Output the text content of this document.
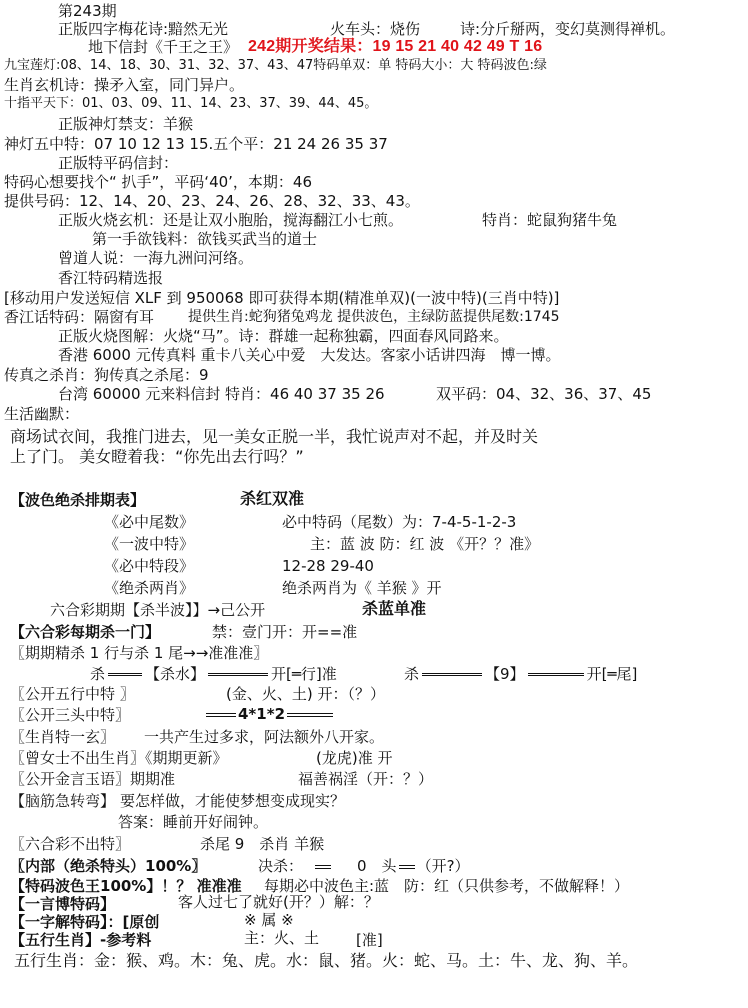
第243期
正版四字梅花诗:黯然无光	火车头：烧伤	诗:分斤掰两，变幻莫测得禅机。
地下信封《千王之王》 242期开奖结果：19 15 21 40 42 49 T 16
九宝莲灯:08、14、18、30、31、32、37、43、47特码单双：单 特码大小：大 特码波色:绿
生肖玄机诗：操矛入室，同门异户。
十指平天下：01、03、09、11、14、23、37、39、44、45。
正版神灯禁支：羊猴
神灯五中特：07 10 12 13 15.五个平：21 24 26 35 37
正版特平码信封：
特码心想要找个“ 扒手”，平码‘40’，本期：46
提供号码：12、14、20、23、24、26、28、32、33、43。
正版火烧玄机：还是让双小胞胎，搅海翻江小七煎。	特肖：蛇鼠狗猪牛兔
第一手欲钱料：欲钱买武当的道士
曾道人说：一海九洲问河络。
香江特码精选报
[移动用户发送短信 XLF 到 950068 即可获得本期(精准单双)(一波中特)(三肖中特)]
香江话特码：隔窗有耳 提供生肖:蛇狗猪兔鸡龙 提供波色，主绿防蓝提供尾数:1745
正版火烧图解：火烧“马”。诗：群雄一起称独霸，四面春风同路来。
香港 6000 元传真料 重卡八关心中爱　大发达。客家小话讲四海　博一博。
传真之杀肖：狗传真之杀尾：9
台湾 60000 元来料信封 特肖：46 40 37 35 26	双平码：04、32、36、37、45
生活幽默：
商场试衣间，我推门进去，见一美女正脱一半，我忙说声对不起，并及时关
上了门。 美女瞪着我：“你先出去行吗？”
【波色绝杀排期表】	杀红双准
《必中尾数》	必中特码（尾数）为：7-4-5-1-2-3
《一波中特》	主：蓝 波 防：红 波 《开？？准》
《必中特段》	12-28 29-40
《绝杀两肖》	绝杀两肖为《 羊猴 》开
六合彩期期【杀半波】】→己公开	杀蓝单准
【六合彩每期杀一门】	禁：壹门开：开==准
〖期期精杀 1 行与杀 1 尾→→准准准〗
杀	【杀水】	开[═行]准	杀	【9】	开[═尾]
〖公开五行中特 〗	(金、火、土) 开：（？）
〖公开三头中特〗	4*1*2
〖生肖特一玄〗 一共产生过多求，阿法额外八开家。
〖曾女士不出生肖〗《期期更新》	(龙虎)准 开
〖公开金言玉语〗期期准	福善祸淫（开：？）
【脑筋急转弯】 要怎样做，才能使梦想变成现实？
答案：睡前开好闹钟。
〖六合彩不出特〗	杀尾 9　杀肖 羊猴
〖内部（绝杀特头）100%〗	决杀：	0　头 （开?）
【特码波色王100%】！？ 准准准 每期必中波色主:蓝　防：红（只供参考，不做解释！）
【一言博特码】	客人过七了就好(开？）解：？
【一字解特码】：[原创	※ 属 ※
【五行生肖】-参考料	主：火、土 [准]
五行生肖：金：猴、鸡。木：兔、虎。水：鼠、猪。火：蛇、马。土：牛、龙、狗、羊。
